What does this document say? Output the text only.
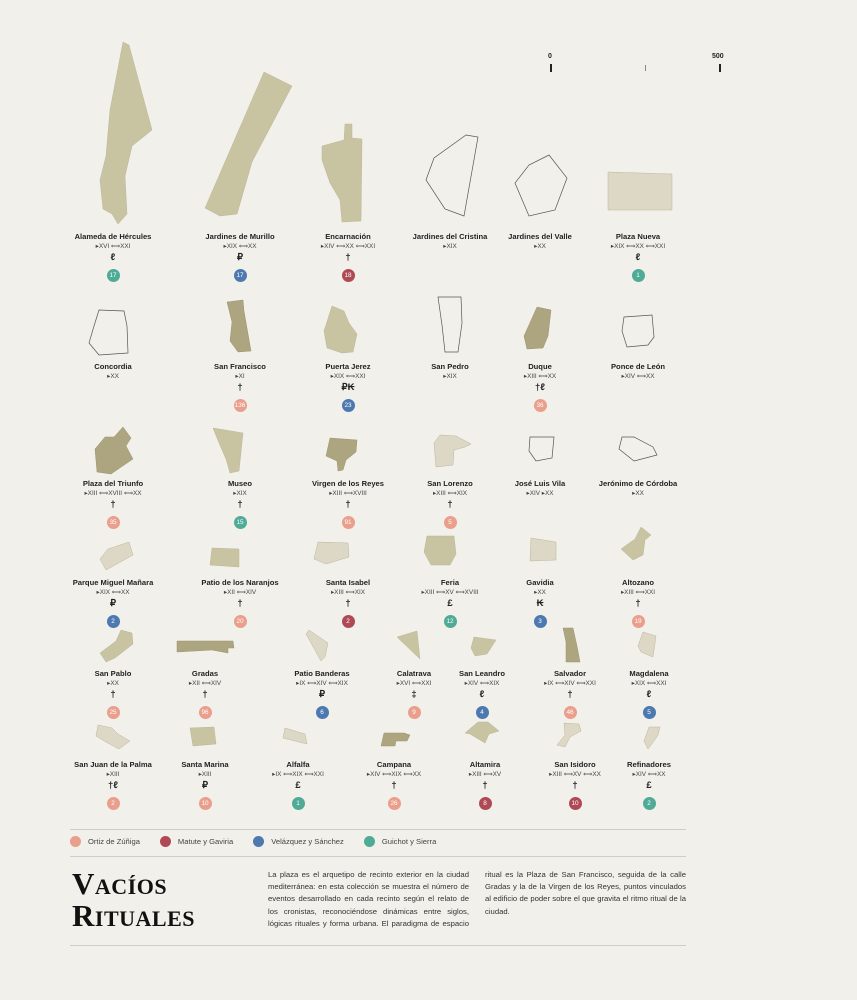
0	500
Alameda de Hércules
▸XVI ⟺XXI
ℓ
17
Jardines de Murillo
▸XIX ⟺XX
₽
17
Encarnación
▸XIV ⟺XX ⟺XXI
†
18
Jardines del Cristina
▸XIX
Jardines del Valle
▸XX
Plaza Nueva
▸XIX ⟺XX ⟺XXI
ℓ
1
Concordia
▸XX
San Francisco
▸XI
†
136
Puerta Jerez
▸XIX ⟺XXI
₽₭
23
San Pedro
▸XIX
Duque
▸XIII ⟺XX
†ℓ
36
Ponce de León
▸XIV ⟺XX
Plaza del Triunfo
▸XIII ⟺XVIII ⟺XX
†
35
Museo
▸XIX
†
15
Virgen de los Reyes
▸XIII ⟺XVIII
†
91
San Lorenzo
▸XIII ⟺XIX
†
5
José Luis Vila
▸XIV ▸XX
Jerónimo de Córdoba
▸XX
Parque Miguel Mañara
▸XIX ⟺XX
₽
2
Patio de los Naranjos
▸XII ⟺XIV
†
20
Santa Isabel
▸XIII ⟺XIX
†
2
Feria
▸XIII ⟺XV ⟺XVIII
£
12
Gavidia
▸XX
₭
3
Altozano
▸XIII ⟺XXI
†
19
San Pablo
▸XX
†
25
Gradas
▸XII ⟺XIV
†
96
Patio Banderas
▸IX ⟺XIV ⟺XIX
₽
6
Calatrava
▸XVI ⟺XXI
‡
9
San Leandro
▸XIV ⟺XIX
ℓ
4
Salvador
▸IX ⟺XIV ⟺XXI
†
46
Magdalena
▸XIX ⟺XXI
ℓ
5
San Juan de la Palma
▸XIII
†ℓ
2
Santa Marina
▸XIII
₽
10
Alfalfa
▸IX ⟺XIX ⟺XXI
£
1
Campana
▸XIV ⟺XIX ⟺XX
†
26
Altamira
▸XIII ⟺XV
†
8
San Isidoro
▸XIII ⟺XV ⟺XX
†
10
Refinadores
▸XIV ⟺XX
£
2
Ortiz de Zúñiga	Matute y Gaviria	Velázquez y Sánchez	Guichot y Sierra
Vacíos
Rituales
La plaza es el arquetipo de recinto exterior en la ciudad mediterránea: en esta colección se muestra el número de eventos desarrollado en cada recinto según el relato de los cronistas, reconociéndose dinámicas entre siglos, lógicas rituales y forma urbana. El paradigma de espacio ritual es la Plaza de San Francisco, seguida de la calle Gradas y la de la Virgen de los Reyes, puntos vinculados al edificio de poder sobre el que gravita el ritmo ritual de la ciudad.
